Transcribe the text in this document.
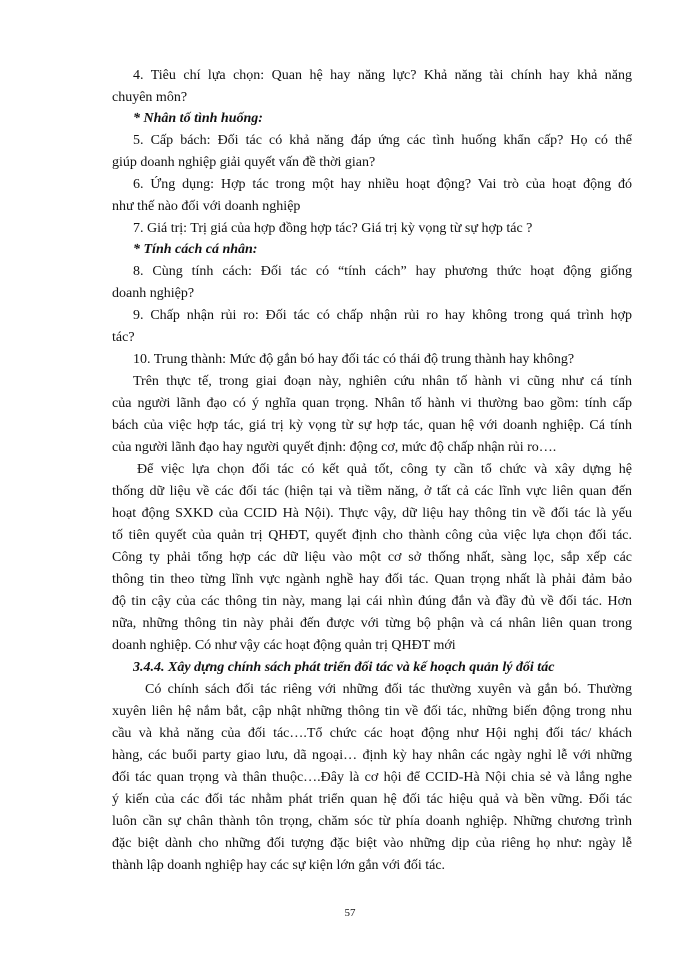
4. Tiêu chí lựa chọn: Quan hệ hay năng lực? Khả năng tài chính hay khả năng
chuyên môn?
* Nhân tố tình huống:
5. Cấp bách: Đối tác có khả năng đáp ứng các tình huống khẩn cấp? Họ có thể
giúp doanh nghiệp giải quyết vấn đề thời gian?
6. Ứng dụng: Hợp tác trong một hay nhiều hoạt động? Vai trò của hoạt động đó
như thế nào đối với doanh nghiệp
7. Giá trị: Trị giá của hợp đồng hợp tác? Giá trị kỳ vọng từ sự hợp tác ?
* Tính cách cá nhân:
8. Cùng tính cách: Đối tác có “tính cách” hay phương thức hoạt động giống
doanh nghiệp?
9. Chấp nhận rủi ro: Đối tác có chấp nhận rủi ro hay không trong quá trình hợp
tác?
10. Trung thành: Mức độ gắn bó hay đối tác có thái độ trung thành hay không?
Trên thực tế, trong giai đoạn này, nghiên cứu nhân tố hành vi cũng như cá tính
của người lãnh đạo có ý nghĩa quan trọng. Nhân tố hành vi thường bao gồm: tính cấp
bách của việc hợp tác, giá trị kỳ vọng từ sự hợp tác, quan hệ với doanh nghiệp. Cá tính
của người lãnh đạo hay người quyết định: động cơ, mức độ chấp nhận rủi ro….
Để việc lựa chọn đối tác có kết quả tốt, công ty cần tổ chức và xây dựng hệ
thống dữ liệu về các đối tác (hiện tại và tiềm năng, ở tất cả các lĩnh vực liên quan đến
hoạt động SXKD của CCID Hà Nội). Thực vậy, dữ liệu hay thông tin về đối tác là yếu
tố tiên quyết của quản trị QHĐT, quyết định cho thành công của việc lựa chọn đối tác.
Công ty phải tổng hợp các dữ liệu vào một cơ sở thống nhất, sàng lọc, sắp xếp các
thông tin theo từng lĩnh vực ngành nghề hay đối tác. Quan trọng nhất là phải đảm bảo
độ tin cậy của các thông tin này, mang lại cái nhìn đúng đắn và đầy đủ về đối tác. Hơn
nữa, những thông tin này phải đến được với từng bộ phận và cá nhân liên quan trong
doanh nghiệp. Có như vậy các hoạt động quản trị QHĐT mới
3.4.4. Xây dựng chính sách phát triển đối tác và kế hoạch quản lý đối tác
Có chính sách đối tác riêng với những đối tác thường xuyên và gắn bó. Thường
xuyên liên hệ nắm bắt, cập nhật những thông tin về đối tác, những biến động trong nhu
cầu và khả năng của đối tác….Tổ chức các hoạt động như Hội nghị đối tác/ khách
hàng, các buổi party giao lưu, dã ngoại… định kỳ hay nhân các ngày nghỉ lễ với những
đối tác quan trọng và thân thuộc….Đây là cơ hội để CCID-Hà Nội chia sẻ và lắng nghe
ý kiến của các đối tác nhằm phát triển quan hệ đối tác hiệu quả và bền vững. Đối tác
luôn cần sự chân thành tôn trọng, chăm sóc từ phía doanh nghiệp. Những chương trình
đặc biệt dành cho những đối tượng đặc biệt vào những dịp của riêng họ như: ngày lễ
thành lập doanh nghiệp hay các sự kiện lớn gắn với đối tác.
57
